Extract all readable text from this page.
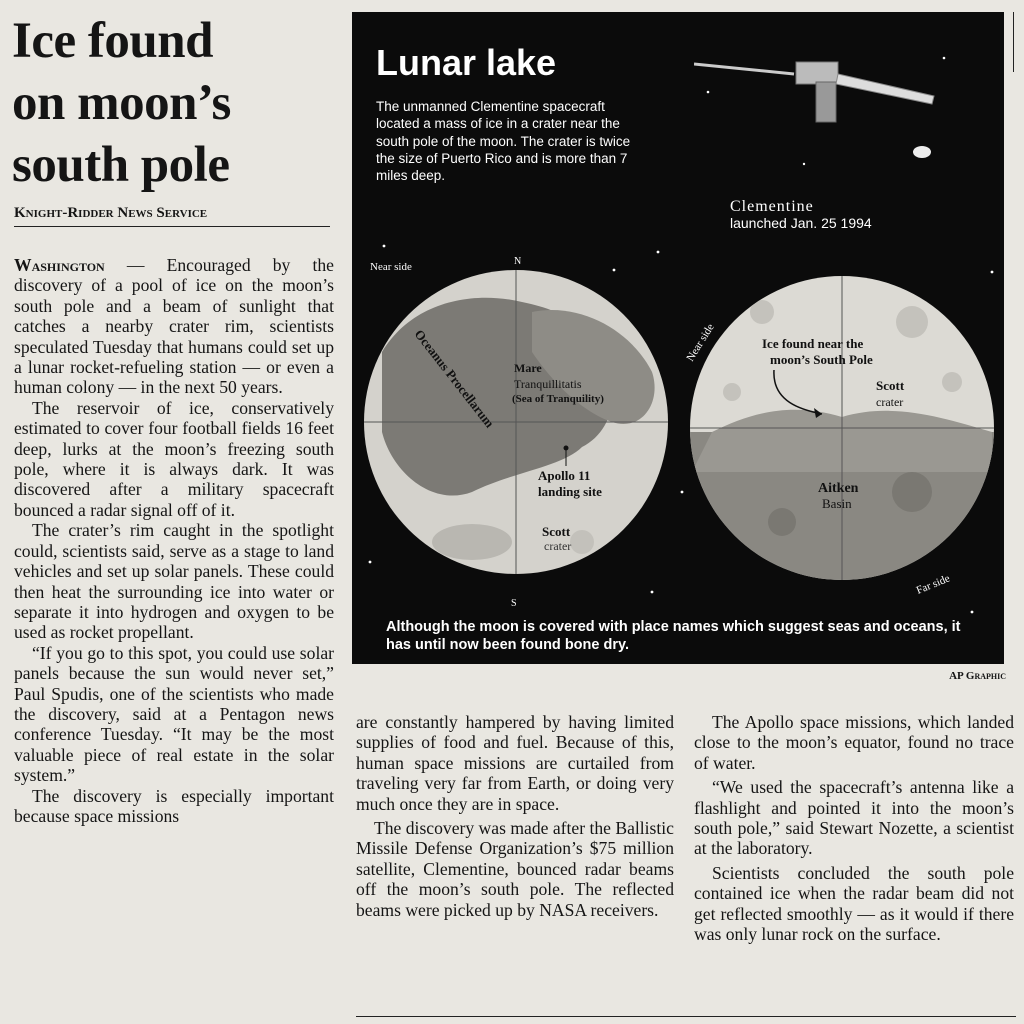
Ice found
on moon’s
south pole
Knight-Ridder News Service

Washington — Encouraged by the discovery of a pool of ice on the moon’s south pole and a beam of sunlight that catches a nearby crater rim, scientists speculated Tuesday that humans could set up a lunar rocket-refueling station — or even a human colony — in the next 50 years.

The reservoir of ice, conservatively estimated to cover four football fields 16 feet deep, lurks at the moon’s freezing south pole, where it is always dark. It was discovered after a military spacecraft bounced a radar signal off of it.

The crater’s rim caught in the spotlight could, scientists said, serve as a stage to land vehicles and set up solar panels. These could then heat the surrounding ice into water or separate it into hydrogen and oxygen to be used as rocket propellant.

“If you go to this spot, you could use solar panels because the sun would never set,” Paul Spudis, one of the scientists who made the discovery, said at a Pentagon news conference Tuesday. “It may be the most valuable piece of real estate in the solar system.”

The discovery is especially important because space missions

are constantly hampered by having limited supplies of food and fuel. Because of this, human space missions are curtailed from traveling very far from Earth, or doing very much once they are in space.

The discovery was made after the Ballistic Missile Defense Organization’s $75 million satellite, Clementine, bounced radar beams off the moon’s south pole. The reflected beams were picked up by NASA receivers.

The Apollo space missions, which landed close to the moon’s equator, found no trace of water.

“We used the spacecraft’s antenna like a flashlight and pointed it into the moon’s south pole,” said Stewart Nozette, a scientist at the laboratory.

Scientists concluded the south pole contained ice when the radar beam did not get reflected smoothly — as it would if there was only lunar rock on the surface.

Lunar lake
The unmanned Clementine spacecraft located a mass of ice in a crater near the south pole of the moon. The crater is twice the size of Puerto Rico and is more than 7 miles deep.
Clementine
launched Jan. 25 1994
Near side	N
S
Oceanus Procellarum Mare
Tranquillitatis
(Sea of Tranquility)
Apollo 11
landing site
Scott
crater
Near side
Far side
Ice found near the
moon’s South Pole
Scott
crater
Aitken
Basin
Although the moon is covered with place names which suggest seas and oceans, it has until now been found bone dry.
AP Graphic
